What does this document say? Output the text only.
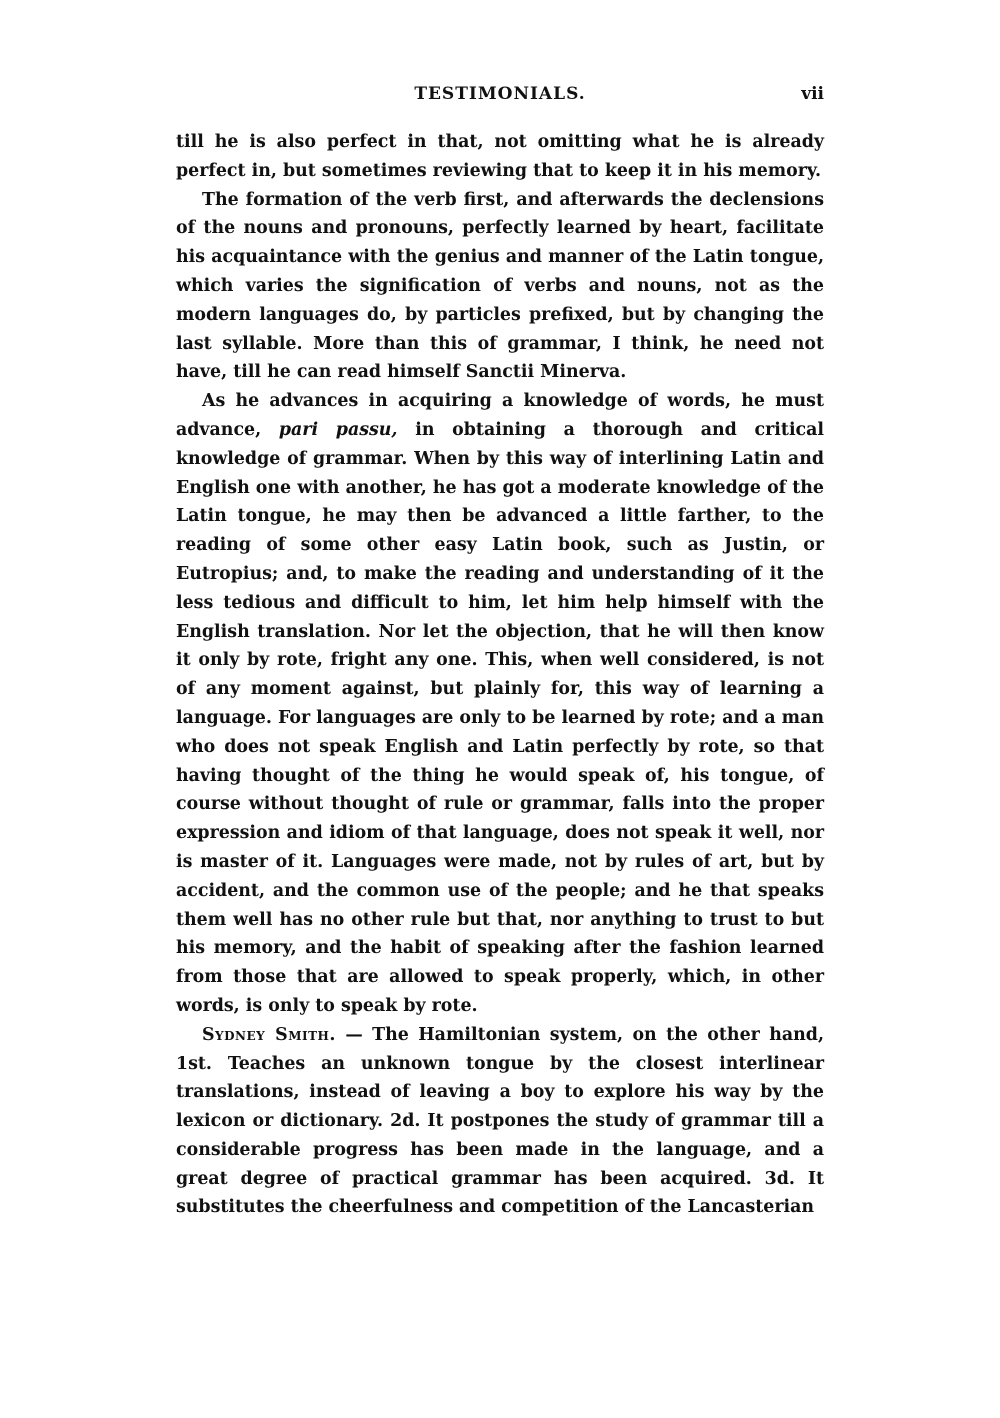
TESTIMONIALS.	vii

till he is also perfect in that, not omitting what he is already perfect in, but sometimes reviewing that to keep it in his memory.

The formation of the verb first, and afterwards the declensions of the nouns and pronouns, perfectly learned by heart, facilitate his acquaintance with the genius and manner of the Latin tongue, which varies the signification of verbs and nouns, not as the modern languages do, by particles prefixed, but by changing the last syllable. More than this of grammar, I think, he need not have, till he can read himself Sanctii Minerva.

As he advances in acquiring a knowledge of words, he must advance, pari passu, in obtaining a thorough and critical knowledge of grammar. When by this way of interlining Latin and English one with another, he has got a moderate knowledge of the Latin tongue, he may then be advanced a little farther, to the reading of some other easy Latin book, such as Justin, or Eutropius; and, to make the reading and understanding of it the less tedious and difficult to him, let him help himself with the English translation. Nor let the objection, that he will then know it only by rote, fright any one. This, when well considered, is not of any moment against, but plainly for, this way of learning a language. For languages are only to be learned by rote; and a man who does not speak English and Latin perfectly by rote, so that having thought of the thing he would speak of, his tongue, of course without thought of rule or grammar, falls into the proper expression and idiom of that language, does not speak it well, nor is master of it. Languages were made, not by rules of art, but by accident, and the common use of the people; and he that speaks them well has no other rule but that, nor anything to trust to but his memory, and the habit of speaking after the fashion learned from those that are allowed to speak properly, which, in other words, is only to speak by rote.

Sydney Smith. — The Hamiltonian system, on the other hand, 1st. Teaches an unknown tongue by the closest interlinear translations, instead of leaving a boy to explore his way by the lexicon or dictionary. 2d. It postpones the study of grammar till a considerable progress has been made in the language, and a great degree of practical grammar has been acquired. 3d. It substitutes the cheerfulness and competition of the Lancasterian
